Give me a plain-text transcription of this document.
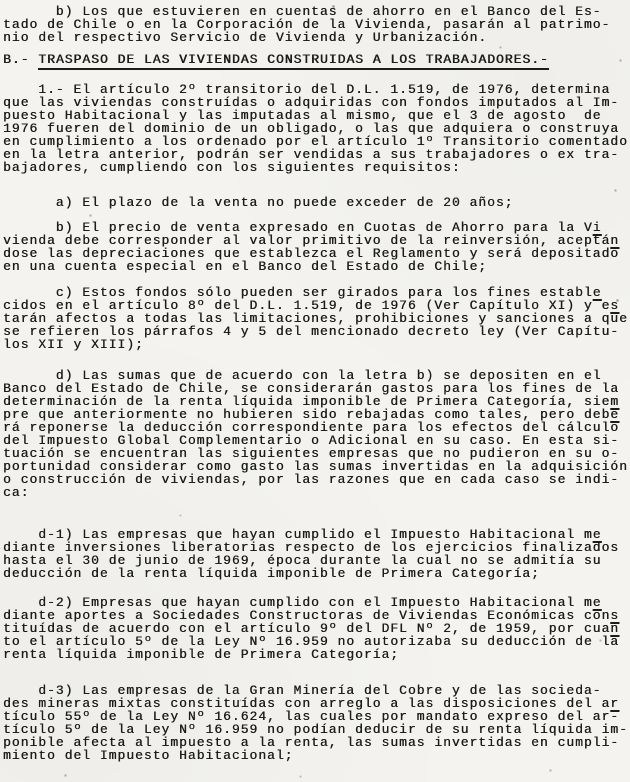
b) Los que estuvieren en cuentas de ahorro en el Banco del Es-
tado de Chile o en la Corporación de la Vivienda, pasarán al patrimo-
nio del respectivo Servicio de Vivienda y Urbanización.
B.- TRASPASO DE LAS VIVIENDAS CONSTRUIDAS A LOS TRABAJADORES.-
1.- El artículo 2º transitorio del D.L. 1.519, de 1976, determina
que las viviendas construídas o adquiridas con fondos imputados al Im-
puesto Habitacional y las imputadas al mismo, que el 3 de agosto  de
1976 fueren del dominio de un obligado, o las que adquiera o construya
en cumplimiento a los ordenado por el artículo 1º Transitorio comentado
en la letra anterior, podrán ser vendidas a sus trabajadores o ex tra-
bajadores, cumpliendo con los siguientes requisitos:
a) El plazo de la venta no puede exceder de 20 años;
b) El precio de venta expresado en Cuotas de Ahorro para la Vi
vienda debe corresponder al valor primitivo de la reinversión, aceptán
dose las depreciaciones que establezca el Reglamento y será depositado
en una cuenta especial en el Banco del Estado de Chile;
c) Estos fondos sólo pueden ser girados para los fines estable
cidos en el artículo 8º del D.L. 1.519, de 1976 (Ver Capítulo XI) y es
tarán afectos a todas las limitaciones, prohibiciones y sanciones a que
se refieren los párrafos 4 y 5 del mencionado decreto ley (Ver Capítu-
los XII y XIII);
d) Las sumas que de acuerdo con la letra b) se depositen en el
Banco del Estado de Chile, se considerarán gastos para los fines de la
determinación de la renta líquida imponible de Primera Categoría, siem
pre que anteriormente no hubieren sido rebajadas como tales, pero debe
rá reponerse la deducción correspondiente para los efectos del cálculo
del Impuesto Global Complementario o Adicional en su caso. En esta si-
tuación se encuentran las siguientes empresas que no pudieron en su o-
portunidad considerar como gasto las sumas invertidas en la adquisición
o construcción de viviendas, por las razones que en cada caso se indi-
ca:
d-1) Las empresas que hayan cumplido el Impuesto Habitacional me
diante inversiones liberatorias respecto de los ejercicios finalizados
hasta el 30 de junio de 1969, época durante la cual no se admitía su
deducción de la renta líquida imponible de Primera Categoría;
d-2) Empresas que hayan cumplido con el Impuesto Habitacional me
diante aportes a Sociedades Constructoras de Viviendas Económicas cons
tituídas de acuerdo con el artículo 9º del DFL Nº 2, de 1959, por cuan
to el artículo 5º de la Ley Nº 16.959 no autorizaba su deducción de la
renta líquida imponible de Primera Categoría;
d-3) Las empresas de la Gran Minería del Cobre y de las socieda-
des mineras mixtas constituídas con arreglo a las disposiciones del ar
tículo 55º de la Ley Nº 16.624, las cuales por mandato expreso del ar-
tículo 5º de la Ley Nº 16.959 no podían deducir de su renta líquida im-
ponible afecta al impuesto a la renta, las sumas invertidas en cumpli-
miento del Impuesto Habitacional;
